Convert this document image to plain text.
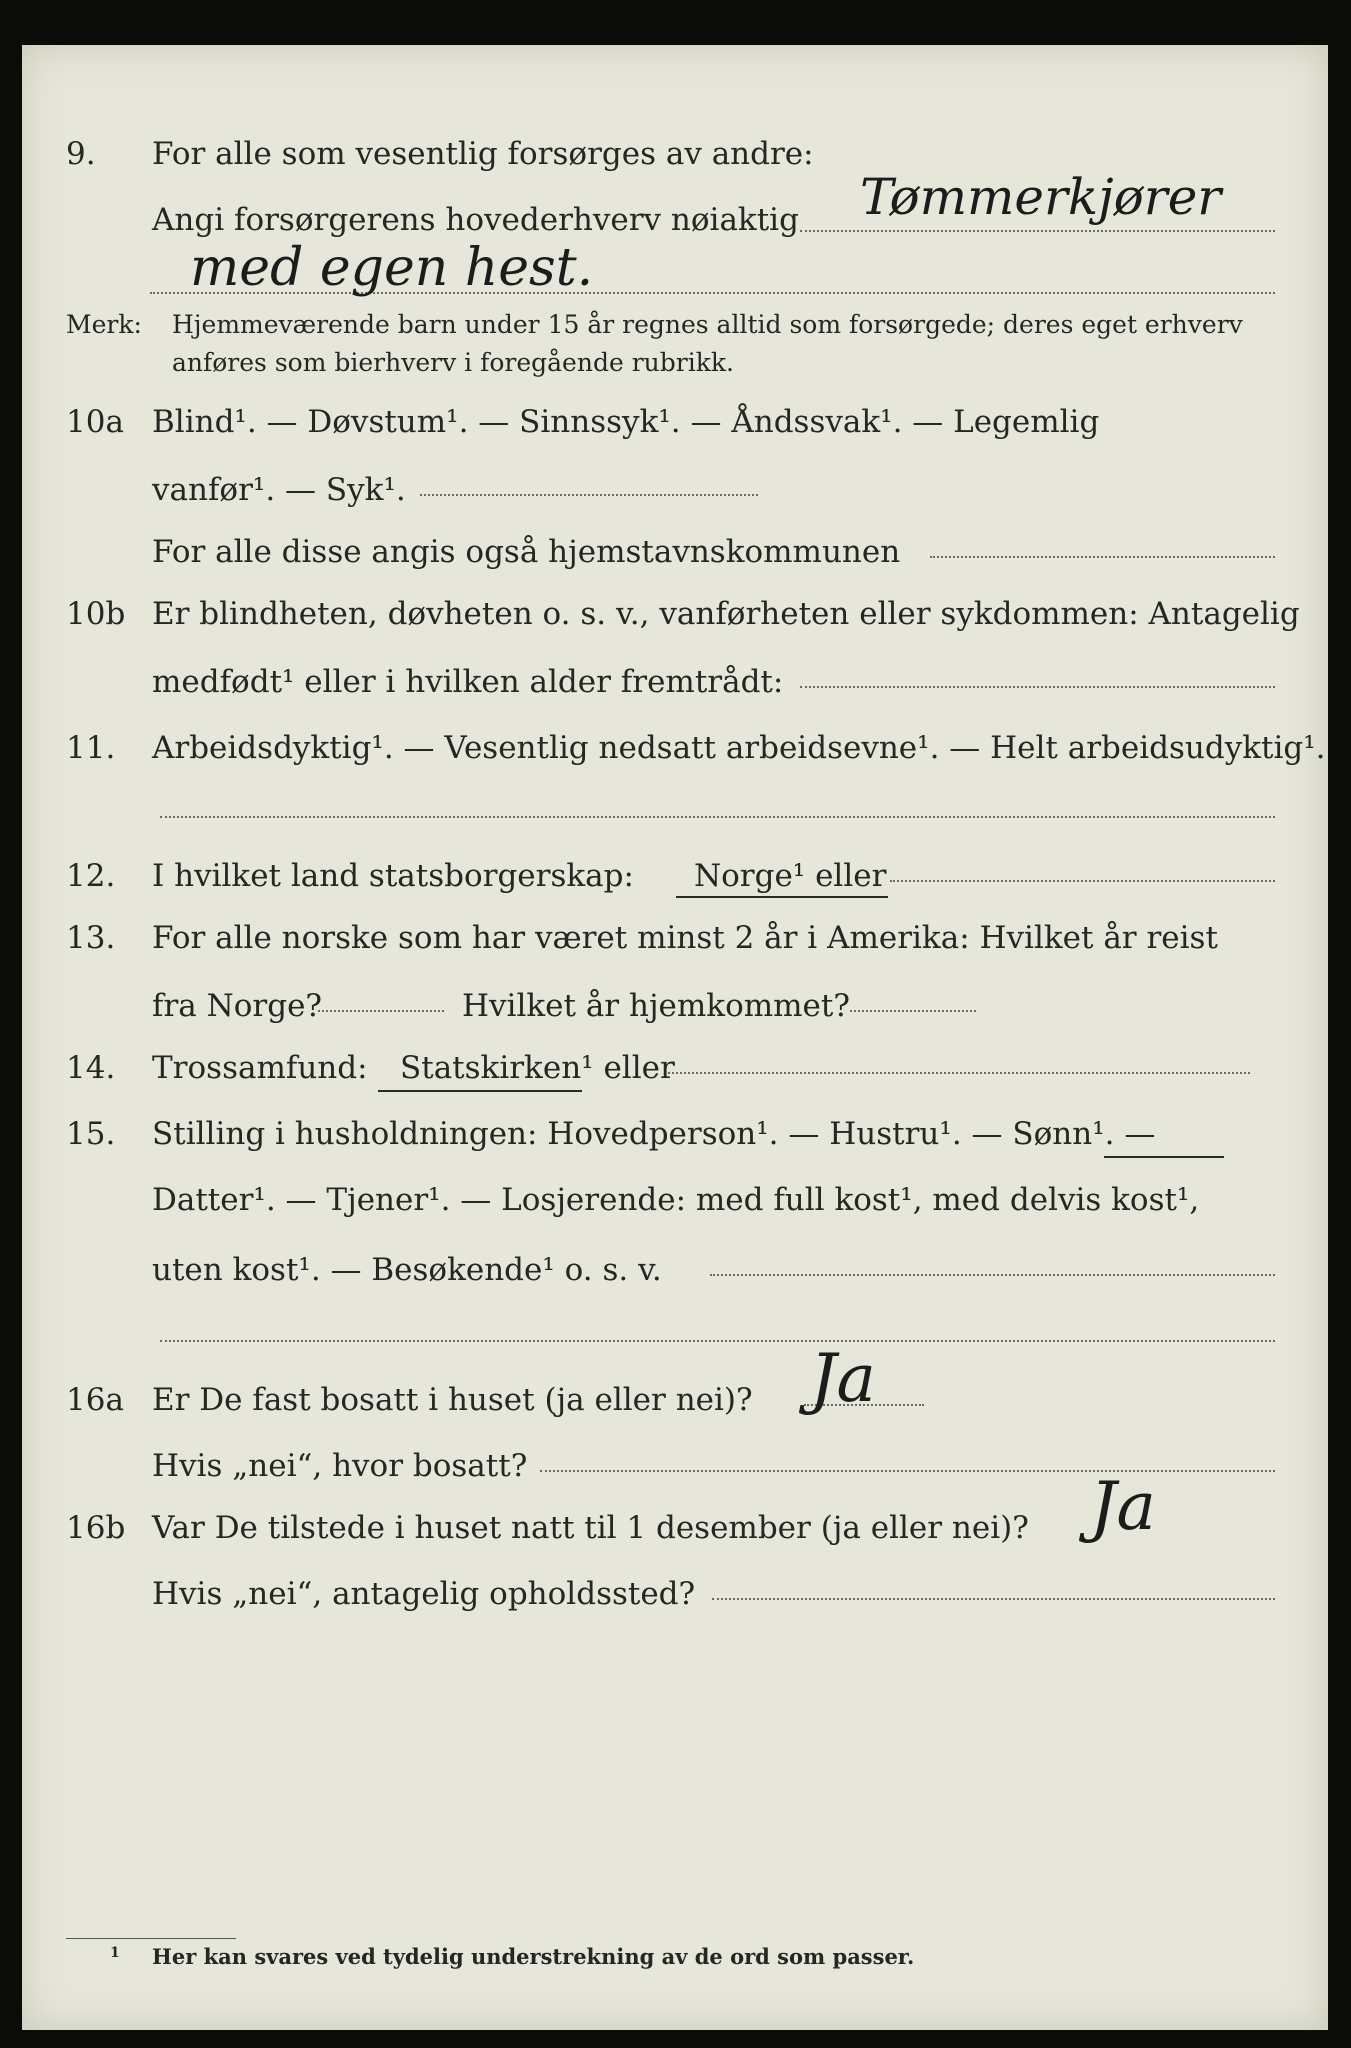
9. For alle som vesentlig forsørges av andre:
Angi forsørgerens hovederhverv nøiaktig Tømmerkjører
med egen hest.
Merk: Hjemmeværende barn under 15 år regnes alltid som forsørgede; deres eget erhverv
anføres som bierhverv i foregående rubrikk.
10a Blind¹. — Døvstum¹. — Sinnssyk¹. — Åndssvak¹. — Legemlig
vanfør¹. — Syk¹.
For alle disse angis også hjemstavnskommunen
10b Er blindheten, døvheten o. s. v., vanførheten eller sykdommen: Antagelig
medfødt¹ eller i hvilken alder fremtrådt:
11. Arbeidsdyktig¹. — Vesentlig nedsatt arbeidsevne¹. — Helt arbeidsudyktig¹.
12. I hvilket land statsborgerskap: Norge¹ eller
13. For alle norske som har været minst 2 år i Amerika: Hvilket år reist
fra Norge?	Hvilket år hjemkommet?
14. Trossamfund: Statskirken¹ eller
15. Stilling i husholdningen: Hovedperson¹. — Hustru¹. — Sønn¹. —
Datter¹. — Tjener¹. — Losjerende: med full kost¹, med delvis kost¹,
uten kost¹. — Besøkende¹ o. s. v.
16a Er De fast bosatt i huset (ja eller nei)? Ja
Hvis „nei“, hvor bosatt?
16b Var De tilstede i huset natt til 1 desember (ja eller nei)? Ja
Hvis „nei“, antagelig opholdssted?
1 Her kan svares ved tydelig understrekning av de ord som passer.
